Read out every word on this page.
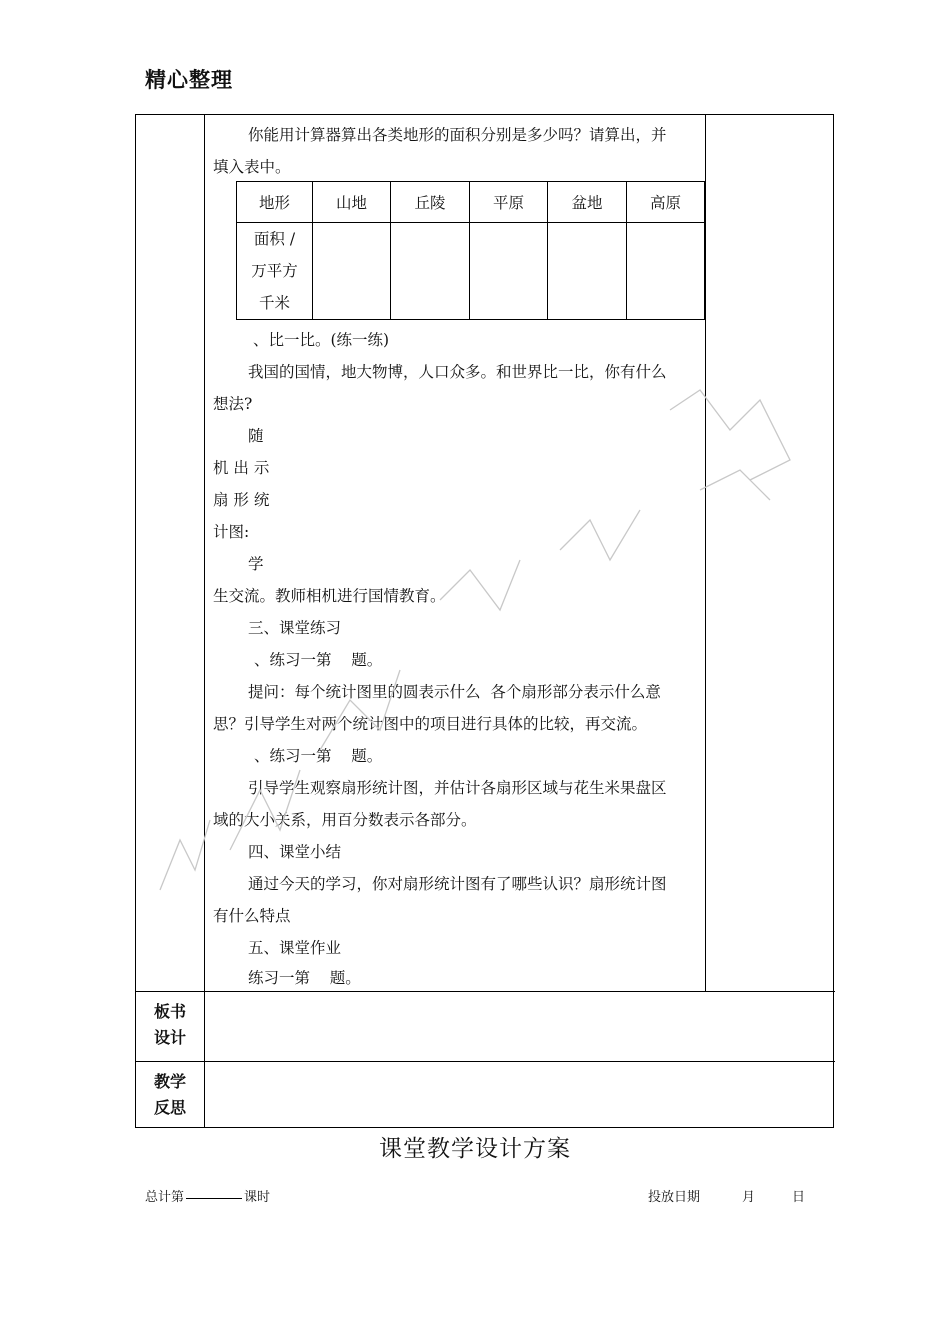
精心整理
你能用计算器算出各类地形的面积分别是多少吗？请算出，并
填入表中。
地形	山地	丘陵	平原	盆地	高原

面积 /
万平方
千米					

、比一比。(练一练)
我国的国情，地大物博，人口众多。和世界比一比，你有什么
想法?
随
机 出 示
扇 形 统
计图:
学
生交流。教师相机进行国情教育。
三、课堂练习
、练习一第    题。
提问：每个统计图里的圆表示什么  各个扇形部分表示什么意
思？引导学生对两个统计图中的项目进行具体的比较，再交流。
、练习一第    题。
引导学生观察扇形统计图，并估计各扇形区域与花生米果盘区
域的大小关系，用百分数表示各部分。
四、课堂小结
通过今天的学习，你对扇形统计图有了哪些认识？扇形统计图
有什么特点
五、课堂作业
练习一第    题。
板书
设计
教学
反思
课堂教学设计方案
总计第	课时	投放日期	月	日
